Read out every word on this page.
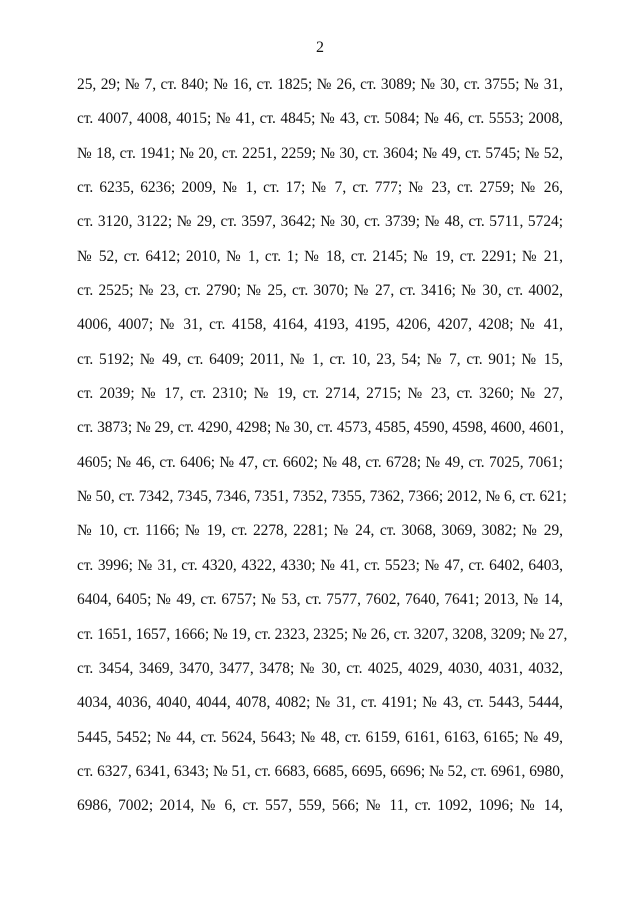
2
25, 29; № 7, ст. 840; № 16, ст. 1825; № 26, ст. 3089; № 30, ст. 3755; № 31,
ст. 4007, 4008, 4015; № 41, ст. 4845; № 43, ст. 5084; № 46, ст. 5553; 2008,
№ 18, ст. 1941; № 20, ст. 2251, 2259; № 30, ст. 3604; № 49, ст. 5745; № 52,
ст. 6235, 6236; 2009, № 1, ст. 17; № 7, ст. 777; № 23, ст. 2759; № 26,
ст. 3120, 3122; № 29, ст. 3597, 3642; № 30, ст. 3739; № 48, ст. 5711, 5724;
№ 52, ст. 6412; 2010, № 1, ст. 1; № 18, ст. 2145; № 19, ст. 2291; № 21,
ст. 2525; № 23, ст. 2790; № 25, ст. 3070; № 27, ст. 3416; № 30, ст. 4002,
4006, 4007; № 31, ст. 4158, 4164, 4193, 4195, 4206, 4207, 4208; № 41,
ст. 5192; № 49, ст. 6409; 2011, № 1, ст. 10, 23, 54; № 7, ст. 901; № 15,
ст. 2039; № 17, ст. 2310; № 19, ст. 2714, 2715; № 23, ст. 3260; № 27,
ст. 3873; № 29, ст. 4290, 4298; № 30, ст. 4573, 4585, 4590, 4598, 4600, 4601,
4605; № 46, ст. 6406; № 47, ст. 6602; № 48, ст. 6728; № 49, ст. 7025, 7061;
№ 50, ст. 7342, 7345, 7346, 7351, 7352, 7355, 7362, 7366; 2012, № 6, ст. 621;
№ 10, ст. 1166; № 19, ст. 2278, 2281; № 24, ст. 3068, 3069, 3082; № 29,
ст. 3996; № 31, ст. 4320, 4322, 4330; № 41, ст. 5523; № 47, ст. 6402, 6403,
6404, 6405; № 49, ст. 6757; № 53, ст. 7577, 7602, 7640, 7641; 2013, № 14,
ст. 1651, 1657, 1666; № 19, ст. 2323, 2325; № 26, ст. 3207, 3208, 3209; № 27,
ст. 3454, 3469, 3470, 3477, 3478; № 30, ст. 4025, 4029, 4030, 4031, 4032,
4034, 4036, 4040, 4044, 4078, 4082; № 31, ст. 4191; № 43, ст. 5443, 5444,
5445, 5452; № 44, ст. 5624, 5643; № 48, ст. 6159, 6161, 6163, 6165; № 49,
ст. 6327, 6341, 6343; № 51, ст. 6683, 6685, 6695, 6696; № 52, ст. 6961, 6980,
6986, 7002; 2014, № 6, ст. 557, 559, 566; № 11, ст. 1092, 1096; № 14,
